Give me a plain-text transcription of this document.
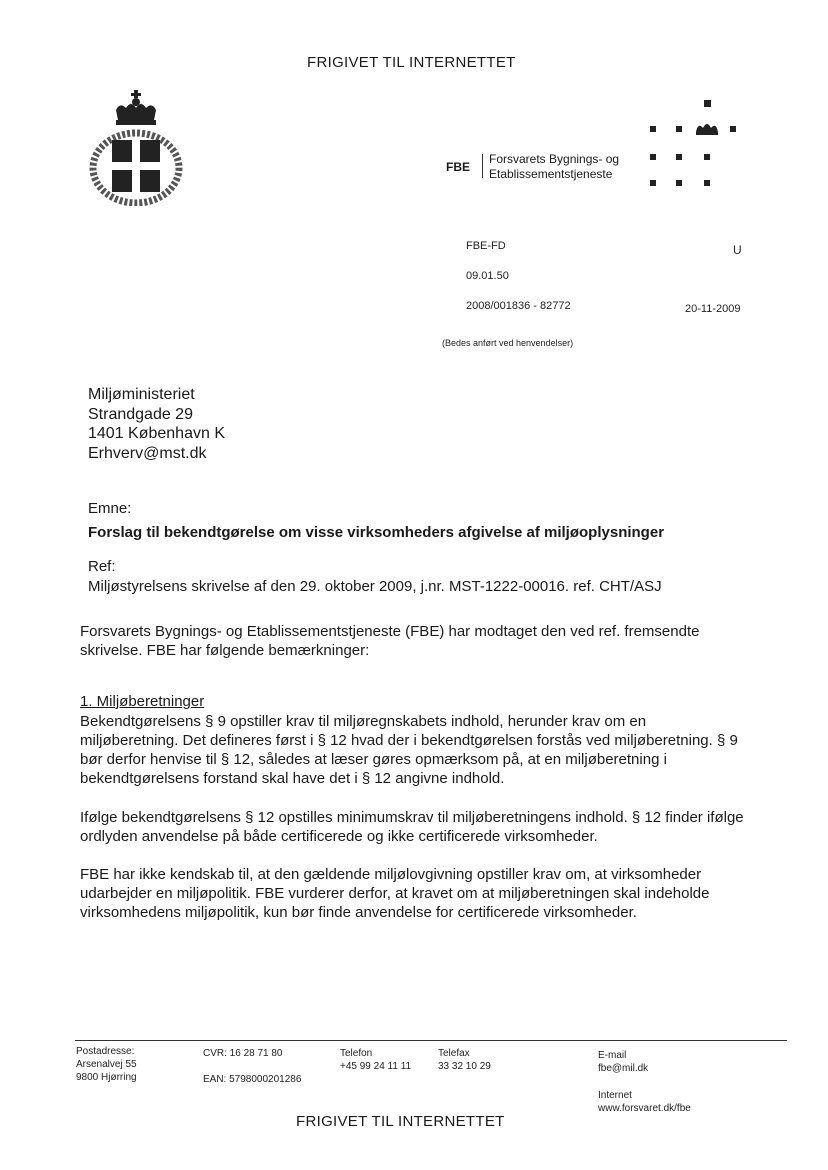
FRIGIVET TIL INTERNETTET
FBE
Forsvarets Bygnings- og
Etablissementstjeneste
FBE-FD	U
09.01.50
2008/001836 - 82772	20-11-2009
(Bedes anført ved henvendelser)
Miljøministeriet
Strandgade 29
1401 København K
Erhverv@mst.dk
Emne:
Forslag til bekendtgørelse om visse virksomheders afgivelse af miljøoplysninger
Ref:
Miljøstyrelsens skrivelse af den 29. oktober 2009, j.nr. MST-1222-00016. ref. CHT/ASJ
Forsvarets Bygnings- og Etablissementstjeneste (FBE) har modtaget den ved ref. fremsendte skrivelse. FBE har følgende bemærkninger:
1. Miljøberetninger
Bekendtgørelsens § 9 opstiller krav til miljøregnskabets indhold, herunder krav om en miljøberetning. Det defineres først i § 12 hvad der i bekendtgørelsen forstås ved miljøberetning. § 9 bør derfor henvise til § 12, således at læser gøres opmærksom på, at en miljøberetning i bekendtgørelsens forstand skal have det i § 12 angivne indhold.
Ifølge bekendtgørelsens § 12 opstilles minimumskrav til miljøberetningens indhold. § 12 finder ifølge ordlyden anvendelse på både certificerede og ikke certificerede virksomheder.
FBE har ikke kendskab til, at den gældende miljølovgivning opstiller krav om, at virksomheder udarbejder en miljøpolitik. FBE vurderer derfor, at kravet om at miljøberetningen skal indeholde virksomhedens miljøpolitik, kun bør finde anvendelse for certificerede virksomheder.
Postadresse:
Arsenalvej 55
9800 Hjørring
CVR: 16 28 71 80
EAN: 5798000201286
Telefon
+45 99 24 11 11
Telefax
33 32 10 29
E-mail
fbe@mil.dk
Internet
www.forsvaret.dk/fbe
FRIGIVET TIL INTERNETTET
